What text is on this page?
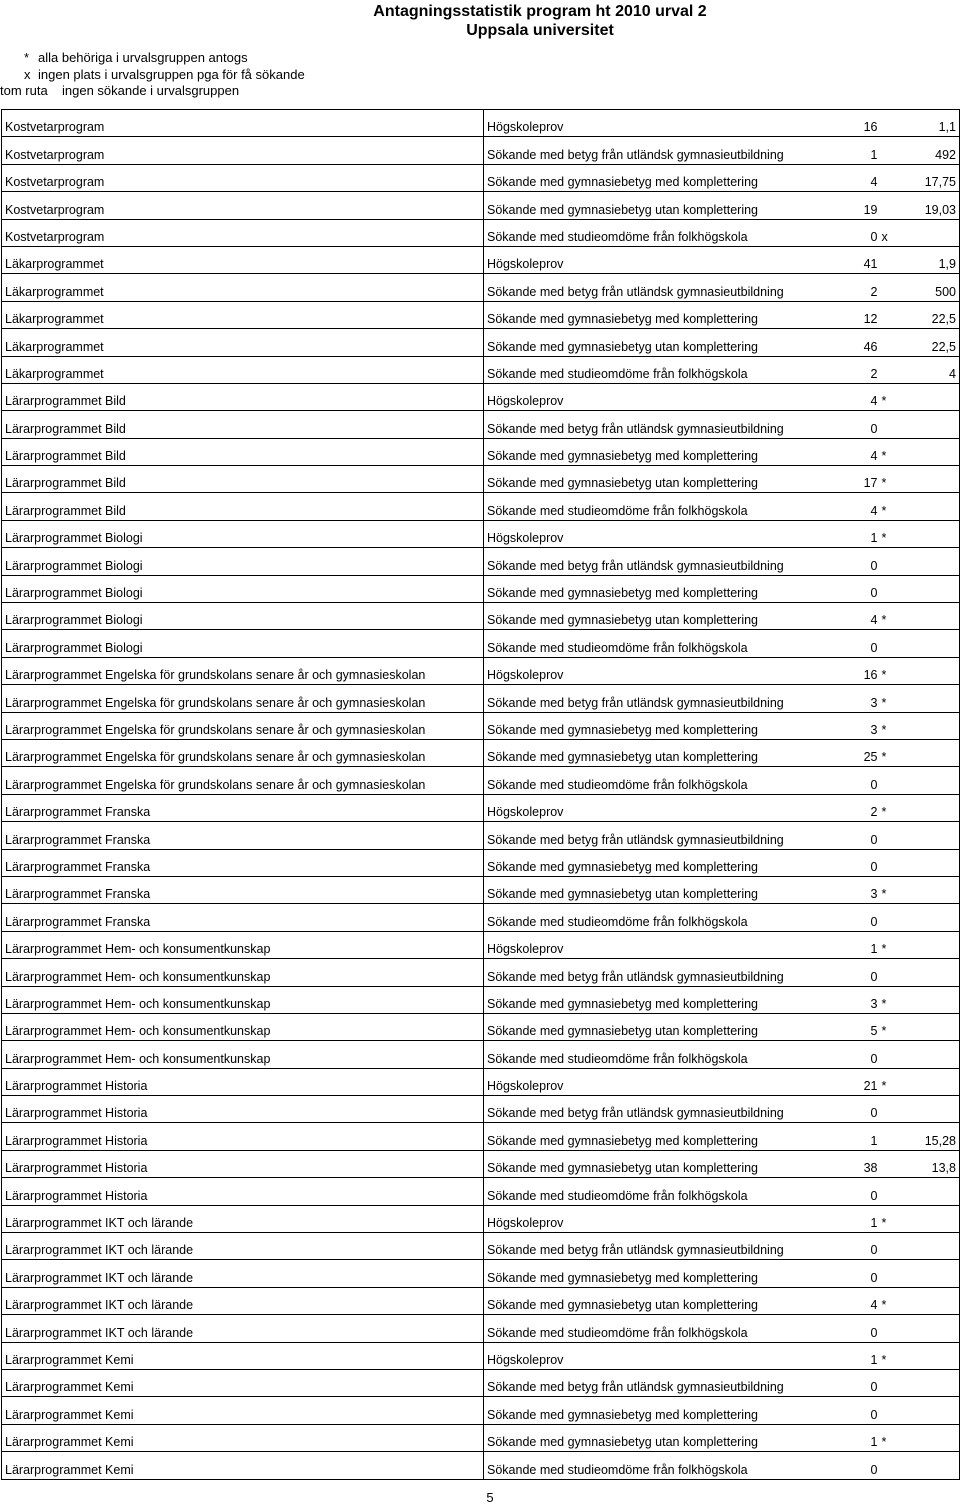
Antagningsstatistik program ht 2010 urval 2
Uppsala universitet
* alla behöriga i urvalsgruppen antogs
x ingen plats i urvalsgruppen pga för få sökande
tom ruta	ingen sökande i urvalsgruppen
Kostvetarprogram	Högskoleprov	16		1,1
Kostvetarprogram	Sökande med betyg från utländsk gymnasieutbildning	1		492
Kostvetarprogram	Sökande med gymnasiebetyg med komplettering	4		17,75
Kostvetarprogram	Sökande med gymnasiebetyg utan komplettering	19		19,03
Kostvetarprogram	Sökande med studieomdöme från folkhögskola	0	x	
Läkarprogrammet	Högskoleprov	41		1,9
Läkarprogrammet	Sökande med betyg från utländsk gymnasieutbildning	2		500
Läkarprogrammet	Sökande med gymnasiebetyg med komplettering	12		22,5
Läkarprogrammet	Sökande med gymnasiebetyg utan komplettering	46		22,5
Läkarprogrammet	Sökande med studieomdöme från folkhögskola	2		4
Lärarprogrammet Bild	Högskoleprov	4	*	
Lärarprogrammet Bild	Sökande med betyg från utländsk gymnasieutbildning	0		
Lärarprogrammet Bild	Sökande med gymnasiebetyg med komplettering	4	*	
Lärarprogrammet Bild	Sökande med gymnasiebetyg utan komplettering	17	*	
Lärarprogrammet Bild	Sökande med studieomdöme från folkhögskola	4	*	
Lärarprogrammet Biologi	Högskoleprov	1	*	
Lärarprogrammet Biologi	Sökande med betyg från utländsk gymnasieutbildning	0		
Lärarprogrammet Biologi	Sökande med gymnasiebetyg med komplettering	0		
Lärarprogrammet Biologi	Sökande med gymnasiebetyg utan komplettering	4	*	
Lärarprogrammet Biologi	Sökande med studieomdöme från folkhögskola	0		
Lärarprogrammet Engelska för grundskolans senare år och gymnasieskolan	Högskoleprov	16	*	
Lärarprogrammet Engelska för grundskolans senare år och gymnasieskolan	Sökande med betyg från utländsk gymnasieutbildning	3	*	
Lärarprogrammet Engelska för grundskolans senare år och gymnasieskolan	Sökande med gymnasiebetyg med komplettering	3	*	
Lärarprogrammet Engelska för grundskolans senare år och gymnasieskolan	Sökande med gymnasiebetyg utan komplettering	25	*	
Lärarprogrammet Engelska för grundskolans senare år och gymnasieskolan	Sökande med studieomdöme från folkhögskola	0		
Lärarprogrammet Franska	Högskoleprov	2	*	
Lärarprogrammet Franska	Sökande med betyg från utländsk gymnasieutbildning	0		
Lärarprogrammet Franska	Sökande med gymnasiebetyg med komplettering	0		
Lärarprogrammet Franska	Sökande med gymnasiebetyg utan komplettering	3	*	
Lärarprogrammet Franska	Sökande med studieomdöme från folkhögskola	0		
Lärarprogrammet Hem- och konsumentkunskap	Högskoleprov	1	*	
Lärarprogrammet Hem- och konsumentkunskap	Sökande med betyg från utländsk gymnasieutbildning	0		
Lärarprogrammet Hem- och konsumentkunskap	Sökande med gymnasiebetyg med komplettering	3	*	
Lärarprogrammet Hem- och konsumentkunskap	Sökande med gymnasiebetyg utan komplettering	5	*	
Lärarprogrammet Hem- och konsumentkunskap	Sökande med studieomdöme från folkhögskola	0		
Lärarprogrammet Historia	Högskoleprov	21	*	
Lärarprogrammet Historia	Sökande med betyg från utländsk gymnasieutbildning	0		
Lärarprogrammet Historia	Sökande med gymnasiebetyg med komplettering	1		15,28
Lärarprogrammet Historia	Sökande med gymnasiebetyg utan komplettering	38		13,8
Lärarprogrammet Historia	Sökande med studieomdöme från folkhögskola	0		
Lärarprogrammet IKT och lärande	Högskoleprov	1	*	
Lärarprogrammet IKT och lärande	Sökande med betyg från utländsk gymnasieutbildning	0		
Lärarprogrammet IKT och lärande	Sökande med gymnasiebetyg med komplettering	0		
Lärarprogrammet IKT och lärande	Sökande med gymnasiebetyg utan komplettering	4	*	
Lärarprogrammet IKT och lärande	Sökande med studieomdöme från folkhögskola	0		
Lärarprogrammet Kemi	Högskoleprov	1	*	
Lärarprogrammet Kemi	Sökande med betyg från utländsk gymnasieutbildning	0		
Lärarprogrammet Kemi	Sökande med gymnasiebetyg med komplettering	0		
Lärarprogrammet Kemi	Sökande med gymnasiebetyg utan komplettering	1	*	
Lärarprogrammet Kemi	Sökande med studieomdöme från folkhögskola	0		
5
